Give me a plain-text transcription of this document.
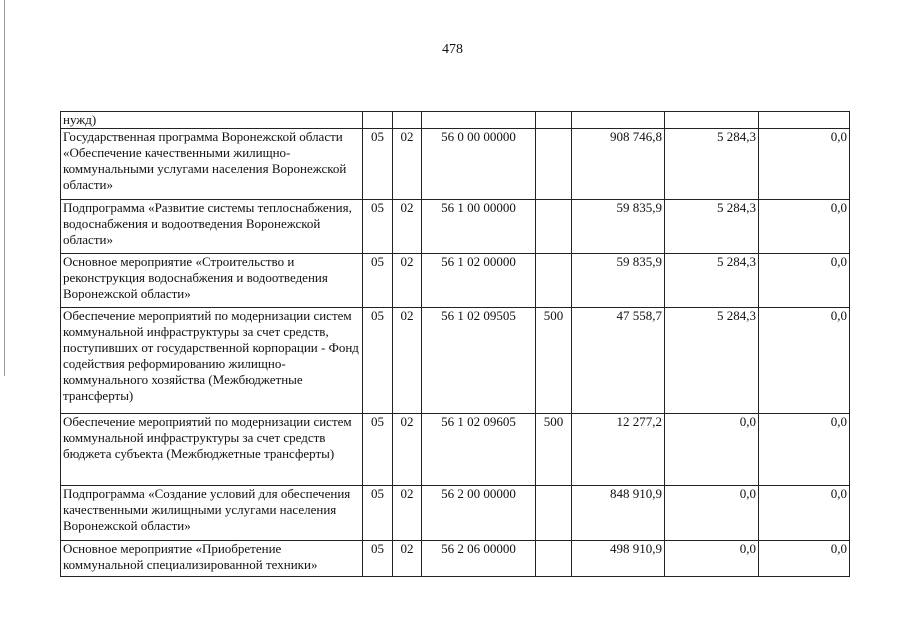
478
нужд)							
Государственная программа Воронежской области «Обеспечение качественными жилищно-коммунальными услугами населения Воронежской области»	05	02	56 0 00 00000		908 746,8	5 284,3	0,0
Подпрограмма «Развитие системы теплоснабжения, водоснабжения и водоотведения Воронежской области»	05	02	56 1 00 00000		59 835,9	5 284,3	0,0
Основное мероприятие «Строительство и реконструкция водоснабжения и водоотведения Воронежской области»	05	02	56 1 02 00000		59 835,9	5 284,3	0,0
Обеспечение мероприятий по модернизации систем коммунальной инфраструктуры за счет средств, поступивших от государственной корпорации - Фонд содействия реформированию жилищно-коммунального хозяйства (Межбюджетные трансферты)	05	02	56 1 02 09505	500	47 558,7	5 284,3	0,0
Обеспечение мероприятий по модернизации систем коммунальной инфраструктуры за счет средств бюджета субъекта (Межбюджетные трансферты)	05	02	56 1 02 09605	500	12 277,2	0,0	0,0
Подпрограмма «Создание условий для обеспечения качественными жилищными услугами населения Воронежской области»	05	02	56 2 00 00000		848 910,9	0,0	0,0
Основное мероприятие «Приобретение коммунальной специализированной техники»	05	02	56 2 06 00000		498 910,9	0,0	0,0
